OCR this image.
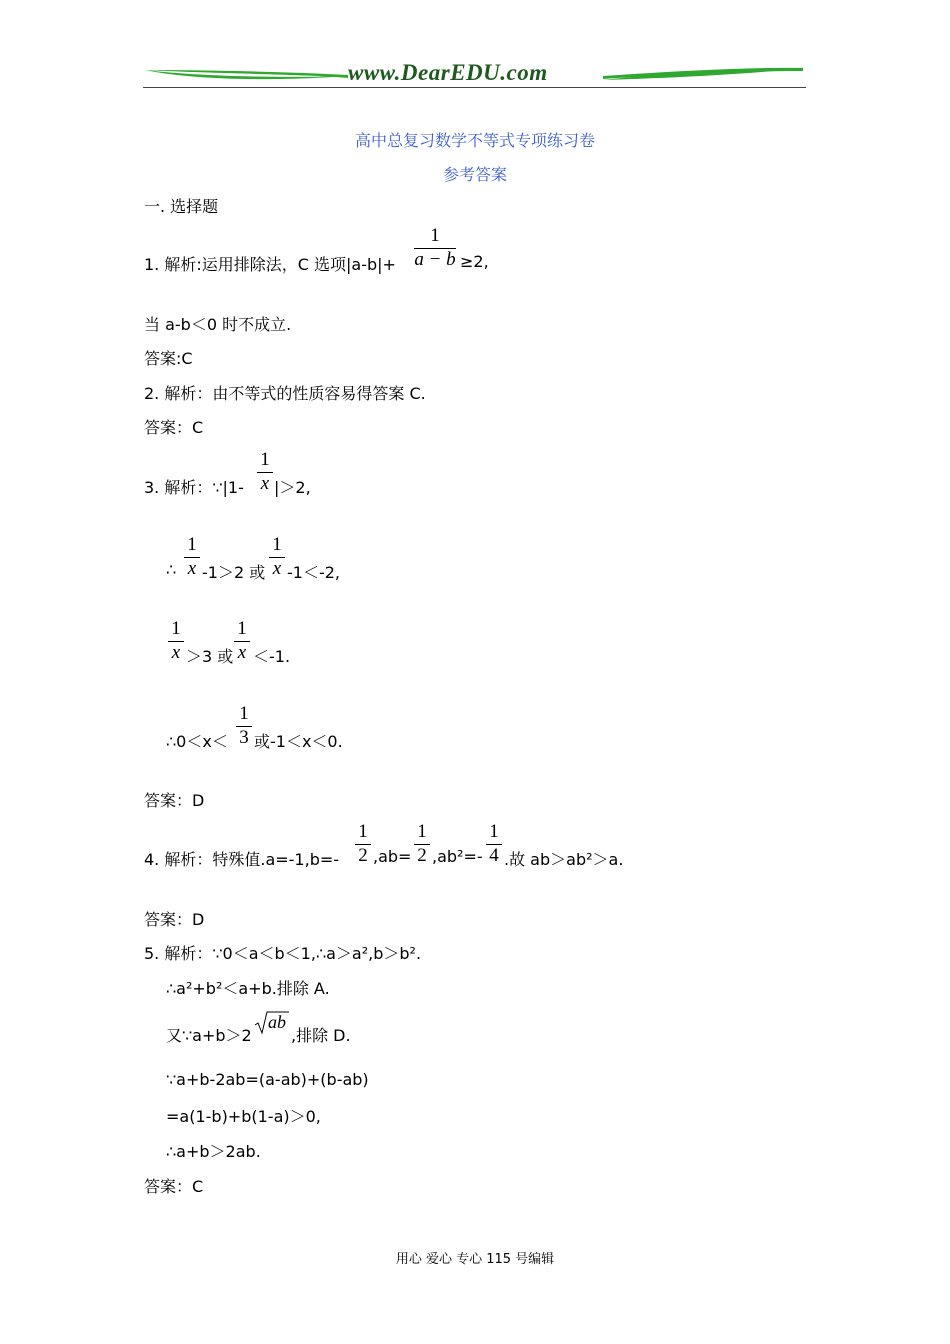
www.DearEDU.com
高中总复习数学不等式专项练习卷
参考答案
一. 选择题
1. 解析:运用排除法，C 选项|a-b|+
1
a − b ≥2,
当 a-b＜0 时不成立.
答案:C
2. 解析：由不等式的性质容易得答案 C.
答案：C
3. 解析：∵|1-
1
x |＞2,
∴
1
x -1＞2 或
1
x -1＜-2,
1
x ＞3 或
1
x ＜-1.
∴0＜x＜
1
3 或-1＜x＜0.
答案：D
4. 解析：特殊值.a=-1,b=-
1
2 ,ab=
1
2 ,ab²=-
1
4 .故 ab＞ab²＞a.
答案：D
5. 解析：∵0＜a＜b＜1,∴a＞a²,b＞b².
∴a²+b²＜a+b.排除 A.
又∵a+b＞2
ab
,排除 D.
∵a+b-2ab=(a-ab)+(b-ab)
=a(1-b)+b(1-a)＞0,
∴a+b＞2ab.
答案：C
用心 爱心 专心 115 号编辑
